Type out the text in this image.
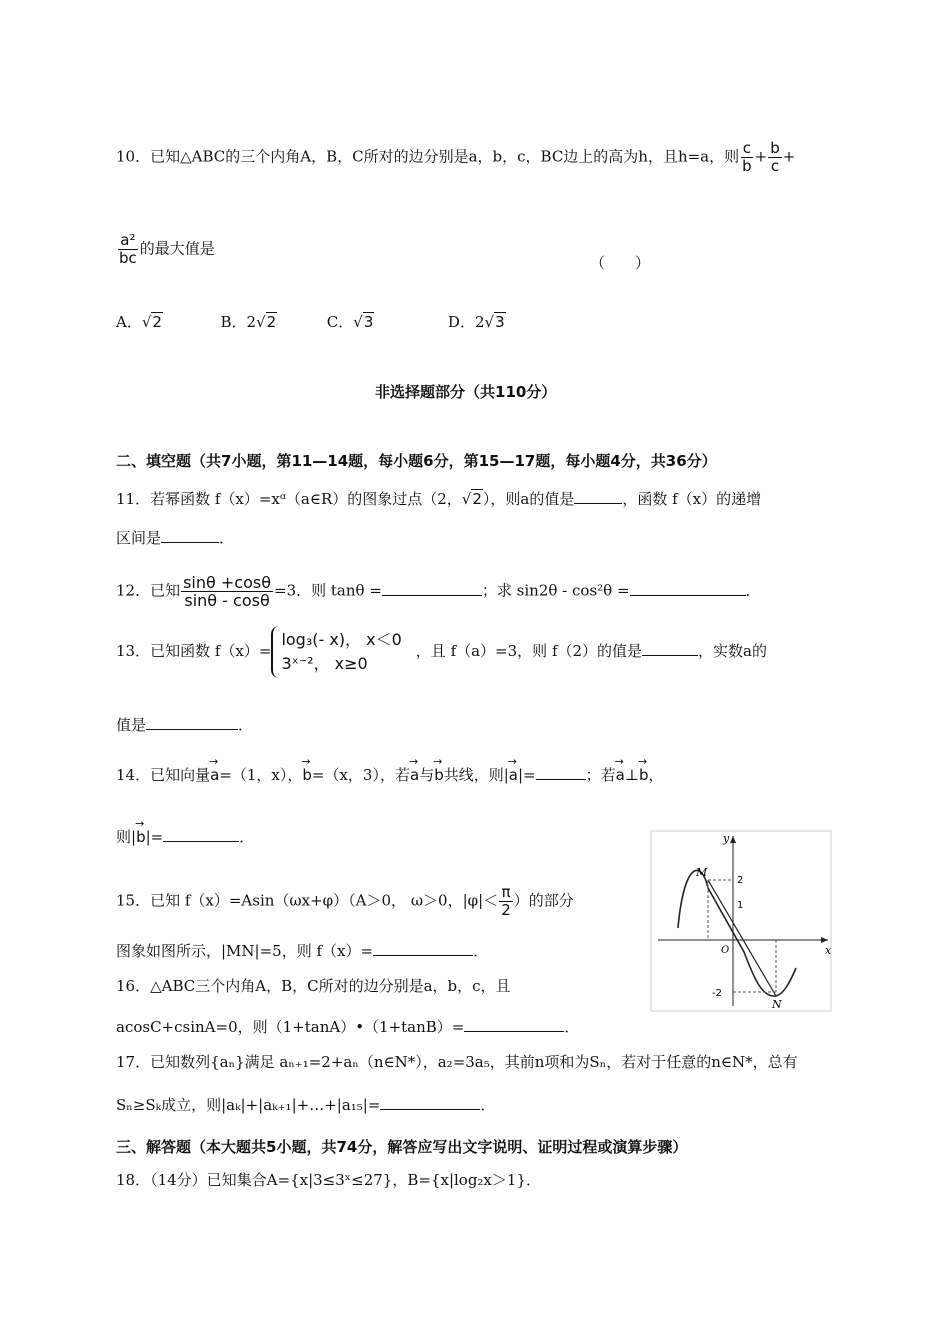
10．已知△ABC的三个内角A，B，C所对的边分别是a，b，c，BC边上的高为h，且h=a，则 $\frac{c}{b} + \frac{b}{c}$ +
$\frac{\text{a²}}{bc}$ 的最大值是
（　　）
A．√2	B．2√2	C．√3	D．2√3
非选择题部分（共110分）
二、填空题（共7小题，第11—14题，每小题6分，第15—17题，每小题4分，共36分）
11．若幂函数 f（x）=xᵅ（a∈R）的图象过点（2，√2），则a的值是	，函数 f（x）的递增
区间是	．
12．已知 $\frac{\sin\theta +\cos\theta}{\sin\theta - \cos\theta} =3$．则 tanθ =	；求 sin2θ - cos²θ =	．
13．已知函数 f（x）=
log₃(- x)， x＜0
3ˣ⁻²， x≥0
，且 f（a）=3，则 f（2）的值是	，实数a的
值是	．
14．已知向量
→
a=（1，x），
→
b=（x，3），若
→
a与
→
b共线，则|
→
a|=	；若
→
a⊥
→
b，
则|
→
b|=	．
15．已知 f（x）=Asin（ωx+φ）（A＞0， ω＞0，$|\varphi|< \frac{\pi}{2}$ ）的部分
图象如图所示，|MN|=5，则 f（x）=	．
y
x
M
N
O
2
1
-2
16．△ABC三个内角A，B，C所对的边分别是a，b，c，且
acosC+csinA=0，则（1+tanA）•（1+tanB）=	．
17．已知数列{aₙ}满足 aₙ₊₁=2+aₙ（n∈N*），a₂=3a₅，其前n项和为Sₙ，若对于任意的n∈N*，总有
Sₙ≥Sₖ成立，则|aₖ|+|aₖ₊₁|+…+|a₁₅|=	．
三、解答题（本大题共5小题，共74分，解答应写出文字说明、证明过程或演算步骤）
18．（14分）已知集合A={x|3≤3ˣ≤27}，B={x|log₂x＞1}．
